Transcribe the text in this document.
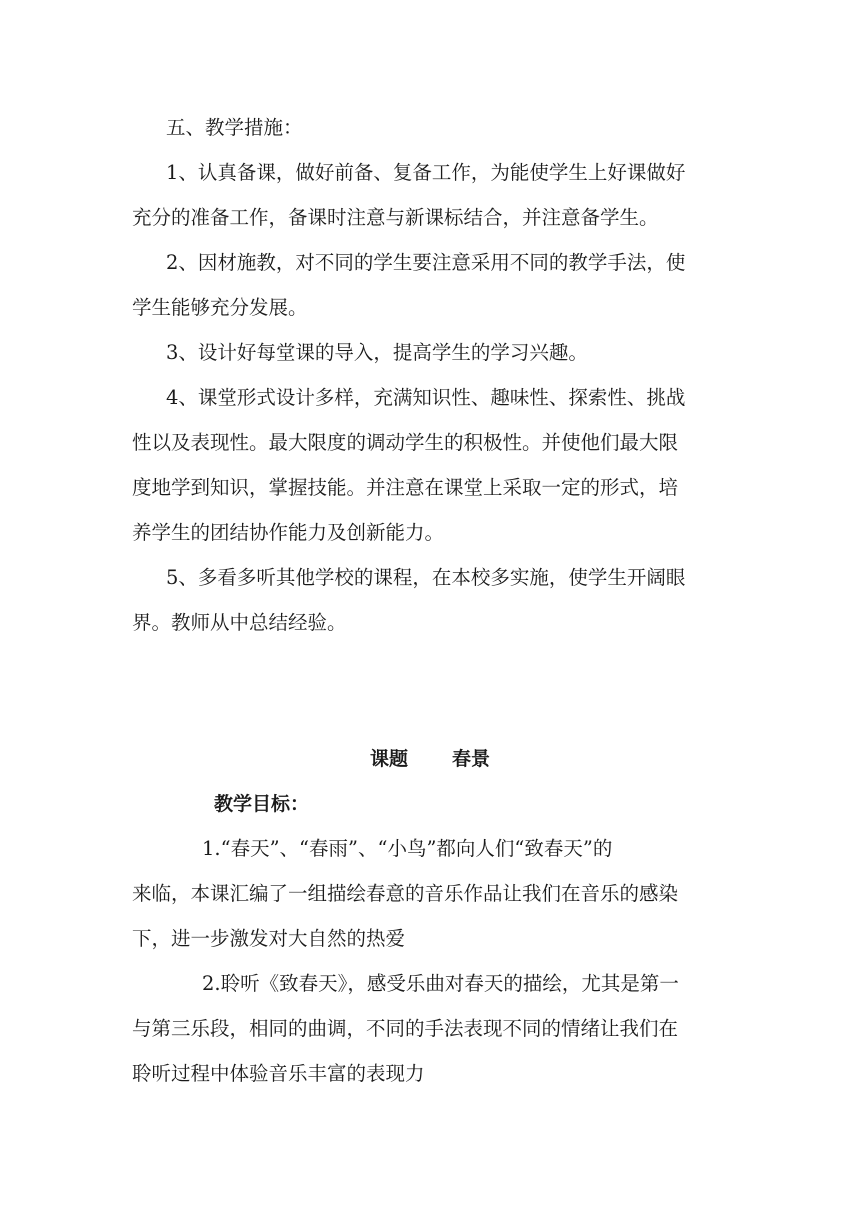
五、教学措施：
1、认真备课，做好前备、复备工作，为能使学生上好课做好
充分的准备工作，备课时注意与新课标结合，并注意备学生。
2、因材施教，对不同的学生要注意采用不同的教学手法，使
学生能够充分发展。
3、设计好每堂课的导入，提高学生的学习兴趣。
4、课堂形式设计多样，充满知识性、趣味性、探索性、挑战
性以及表现性。最大限度的调动学生的积极性。并使他们最大限
度地学到知识，掌握技能。并注意在课堂上采取一定的形式，培
养学生的团结协作能力及创新能力。
5、多看多听其他学校的课程，在本校多实施，使学生开阔眼
界。教师从中总结经验。
课题 春景
教学目标：
1.“春天”、“春雨”、“小鸟”都向人们“致春天”的
来临，本课汇编了一组描绘春意的音乐作品让我们在音乐的感染
下，进一步激发对大自然的热爱
2.聆听《致春天》，感受乐曲对春天的描绘，尤其是第一
与第三乐段，相同的曲调，不同的手法表现不同的情绪让我们在
聆听过程中体验音乐丰富的表现力
